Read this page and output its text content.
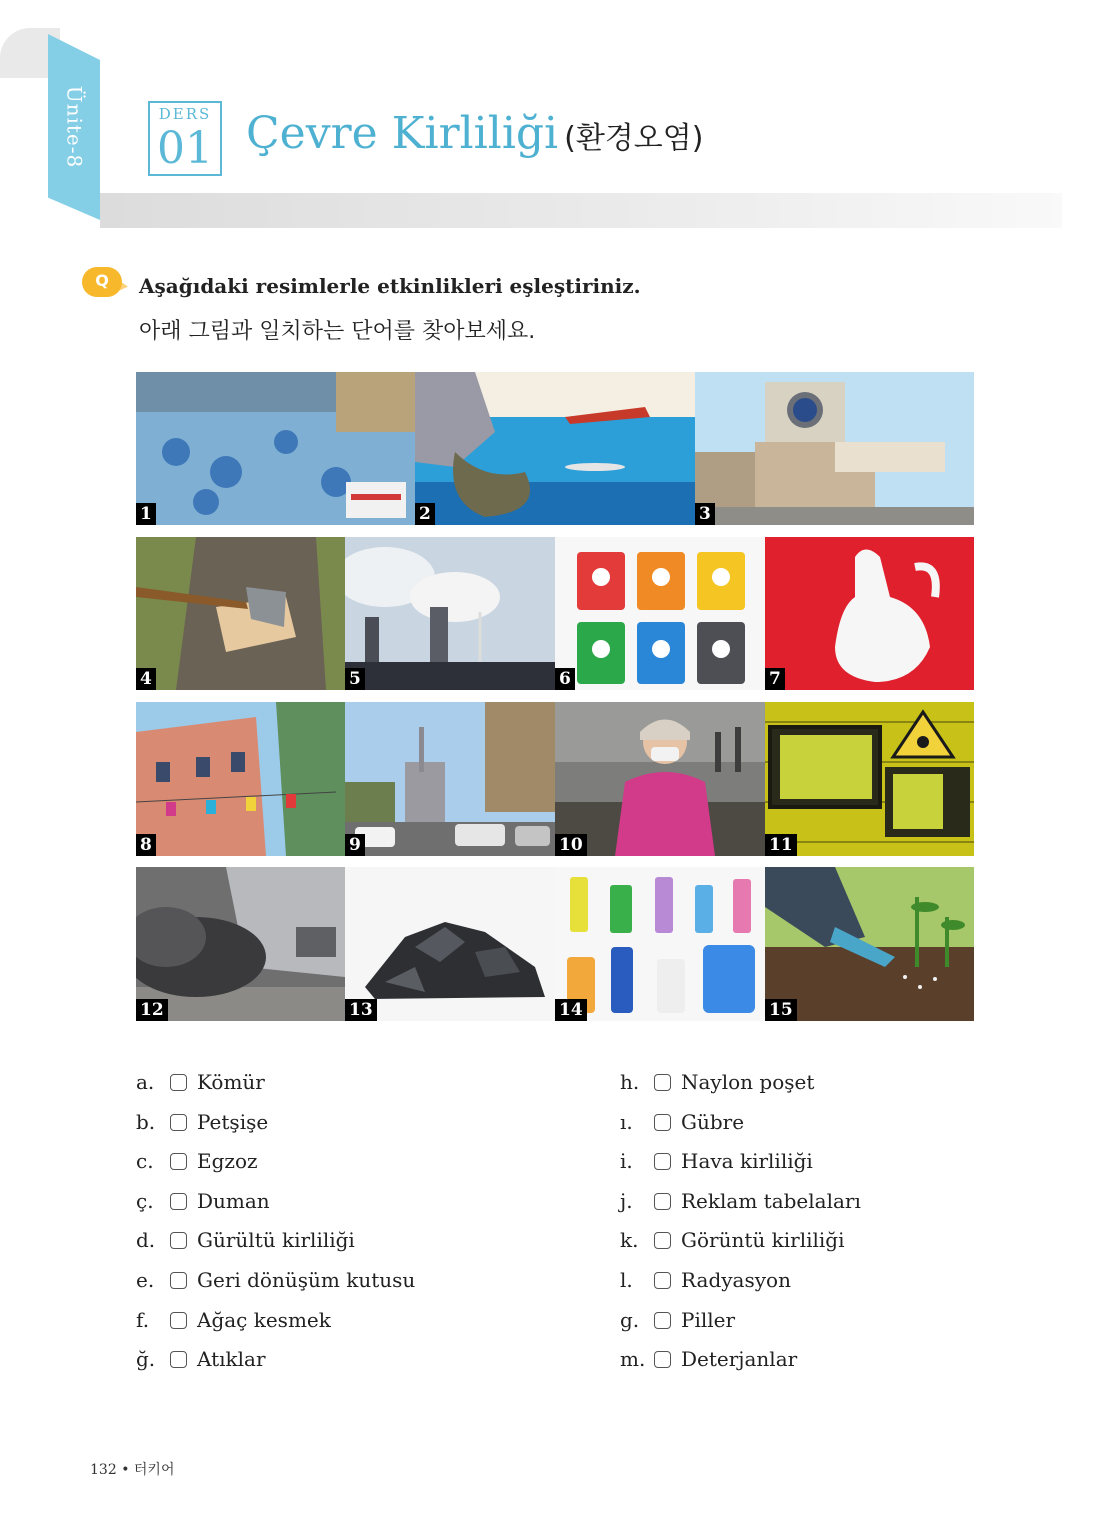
Ünite-8	DERS
01 Çevre Kirliliği (환경오염)
Q	Aşağıdaki resimlerle etkinlikleri eşleştiriniz.
아래 그림과 일치하는 단어를 찾아보세요.
1	2	3
4	5	6	7
8	9	10	11
12	13	14	15
a.	Kömür
b.	Petşişe
c.	Egzoz
ç.	Duman
d.	Gürültü kirliliği
e.	Geri dönüşüm kutusu
f.	Ağaç kesmek
ğ.	Atıklar
h.	Naylon poşet
ı.	Gübre
i.	Hava kirliliği
j.	Reklam tabelaları
k.	Görüntü kirliliği
l.	Radyasyon
g.	Piller
m.	Deterjanlar
132 • 터키어
